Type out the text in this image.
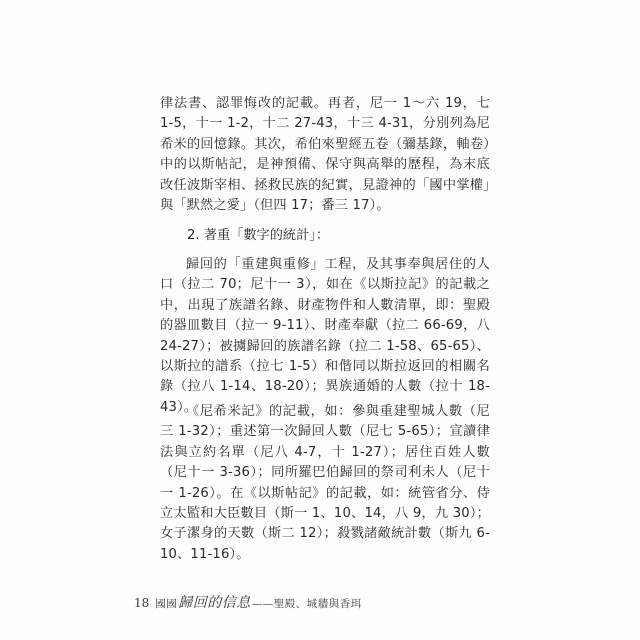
律法書、認罪悔改的記載。再者，尼一 1～六 19，七 1-5，十一 1-2，十二 27-43，十三 4-31，分別列為尼希米的回憶錄。其次，希伯來聖經五卷（彌基錄，軸卷）中的以斯帖記，是神預備、保守與高舉的歷程，為末底改任波斯宰相、拯救民族的紀實，見證神的「國中掌權」與「默然之愛」（但四 17；番三 17）。
2. 著重「數字的統計」：
歸回的「重建與重修」工程，及其事奉與居住的人口（拉二 70；尼十一 3），如在《以斯拉記》的記載之中，出現了族譜名錄、財產物件和人數清單，即：聖殿的器皿數目（拉一 9-11）、財產奉獻（拉二 66-69，八 24-27）；被擄歸回的族譜名錄（拉二 1-58、65-65）、以斯拉的譜系（拉七 1-5）和偕同以斯拉返回的相關名錄（拉八 1-14、18-20）；異族通婚的人數（拉十 18-43）。
《尼希米記》的記載，如：參與重建聖城人數（尼三 1-32）；重述第一次歸回人數（尼七 5-65）；宣讀律法與立約名單（尼八 4-7，十 1-27）；居住百姓人數（尼十一 3-36）；同所羅巴伯歸回的祭司利未人（尼十一 1-26）。在《以斯帖記》的記載，如：統管省分、侍立太監和大臣數目（斯一 1、10、14，八 9，九 30）；女子潔身的天數（斯二 12）；殺戮諸敵統計數（斯九 6-10、11-16）。
18 國國歸回的信息——聖殿、城牆與香珥
